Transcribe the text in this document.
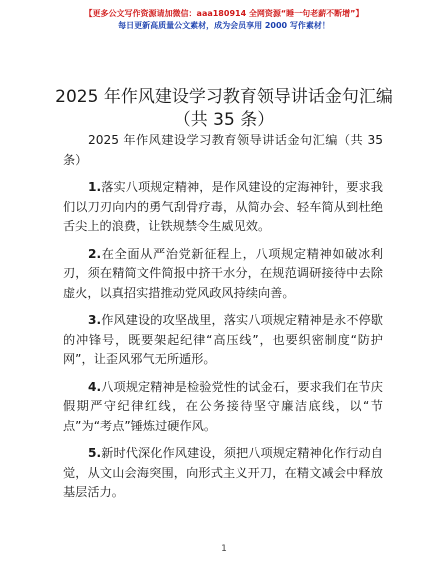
【更多公文写作资源请加微信：aaa180914 全网资源“睡一句老薪不断增”】
每日更新高质量公文素材，成为会员享用 2000 写作素材！
2025 年作风建设学习教育领导讲话金句汇编
（共 35 条）

2025 年作风建设学习教育领导讲话金句汇编（共 35 条）

1.落实八项规定精神，是作风建设的定海神针，要求我们以刀刃向内的勇气刮骨疗毒，从简办会、轻车简从到杜绝舌尖上的浪费，让铁规禁令生威见效。

2.在全面从严治党新征程上，八项规定精神如破冰利刃，须在精简文件简报中挤干水分，在规范调研接待中去除虚火，以真招实措推动党风政风持续向善。

3.作风建设的攻坚战里，落实八项规定精神是永不停歇的冲锋号，既要架起纪律“高压线”，也要织密制度“防护网”，让歪风邪气无所遁形。

4.八项规定精神是检验党性的试金石，要求我们在节庆假期严守纪律红线，在公务接待坚守廉洁底线，以“节点”为“考点”锤炼过硬作风。

5.新时代深化作风建设，须把八项规定精神化作行动自觉，从文山会海突围，向形式主义开刀，在精文减会中释放基层活力。

1
